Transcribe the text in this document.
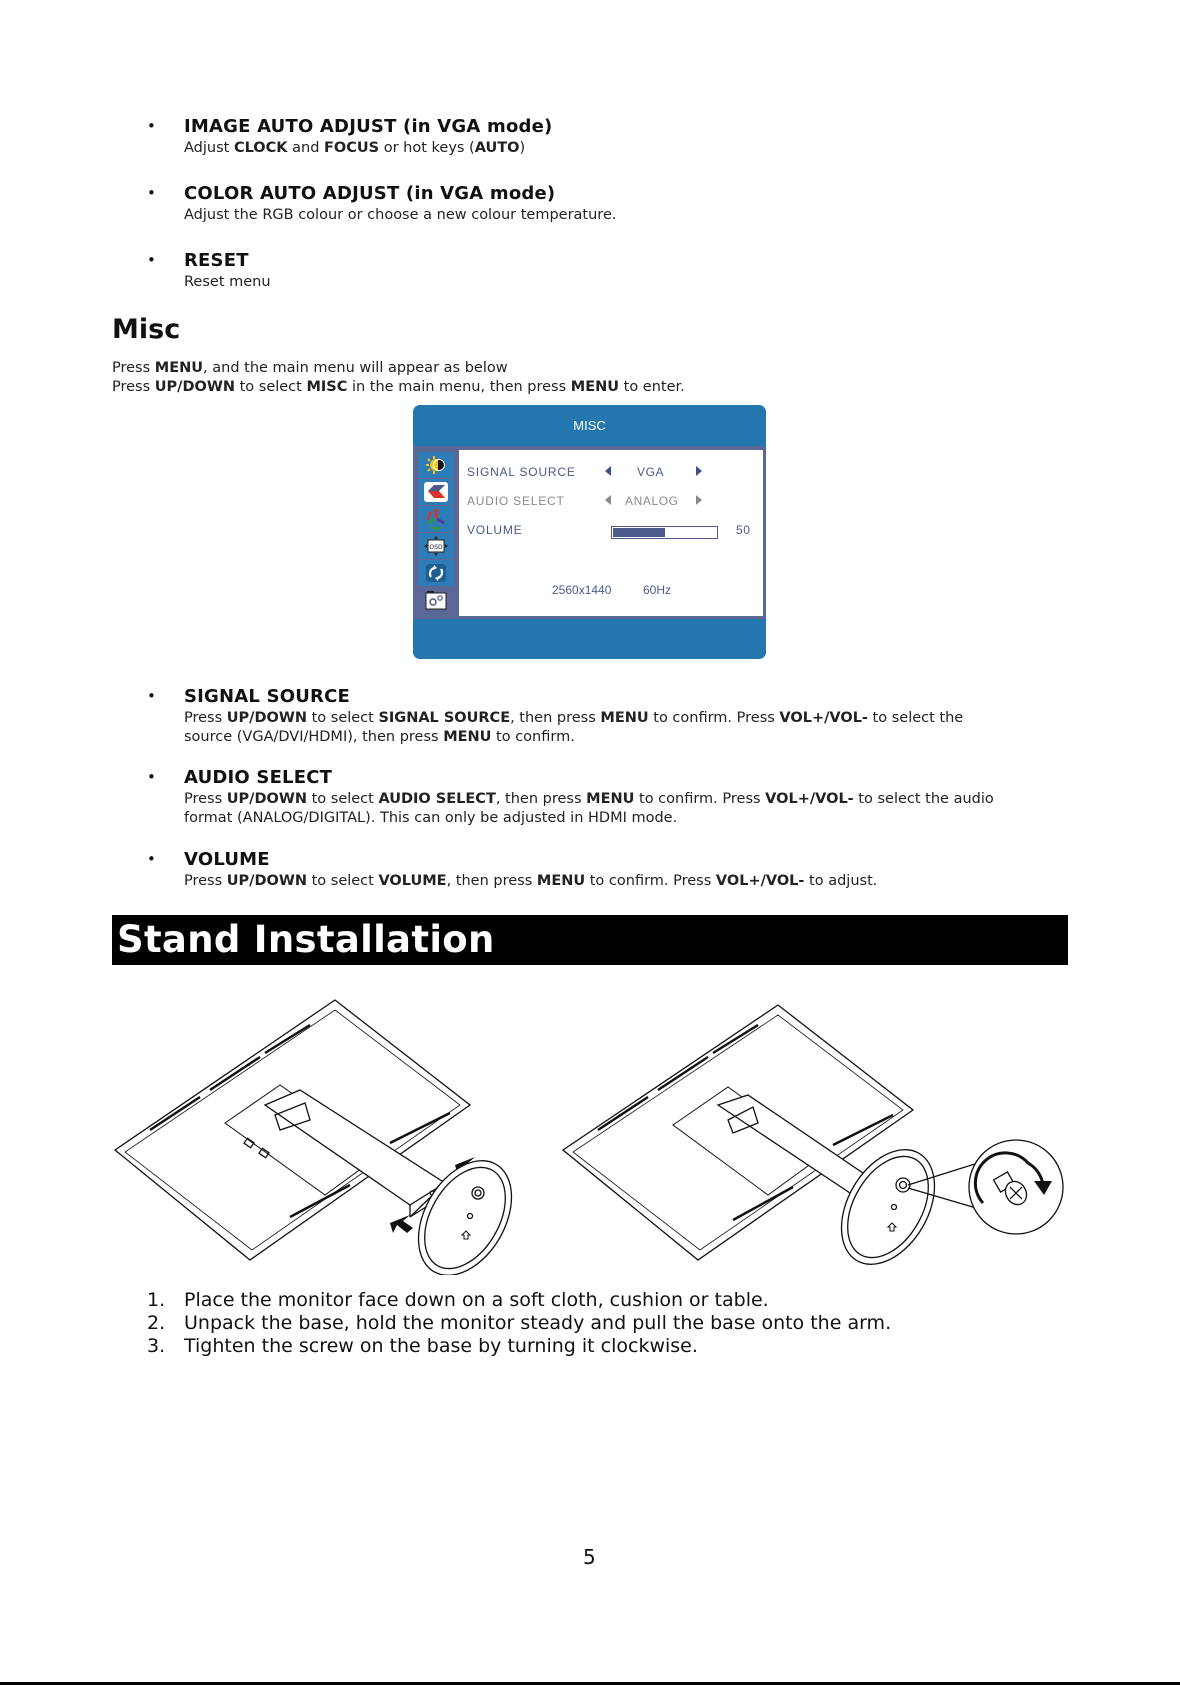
• IMAGE AUTO ADJUST (in VGA mode)
Adjust CLOCK and FOCUS or hot keys (AUTO)
• COLOR AUTO ADJUST (in VGA mode)
Adjust the RGB colour or choose a new colour temperature.
• RESET
Reset menu
Misc
Press MENU, and the main menu will appear as below
Press UP/DOWN to select MISC in the main menu, then press MENU to enter.
MISC
OSD
SIGNAL SOURCE	VGA
AUDIO SELECT	ANALOG
VOLUME	50
2560x1440	60Hz
• SIGNAL SOURCE
Press UP/DOWN to select SIGNAL SOURCE, then press MENU to confirm. Press VOL+/VOL- to select the
source (VGA/DVI/HDMI), then press MENU to confirm.
• AUDIO SELECT
Press UP/DOWN to select AUDIO SELECT, then press MENU to confirm. Press VOL+/VOL- to select the audio
format (ANALOG/DIGITAL). This can only be adjusted in HDMI mode.
• VOLUME
Press UP/DOWN to select VOLUME, then press MENU to confirm. Press VOL+/VOL- to adjust.
Stand Installation
1. Place the monitor face down on a soft cloth, cushion or table.
2. Unpack the base, hold the monitor steady and pull the base onto the arm.
3. Tighten the screw on the base by turning it clockwise.
5
